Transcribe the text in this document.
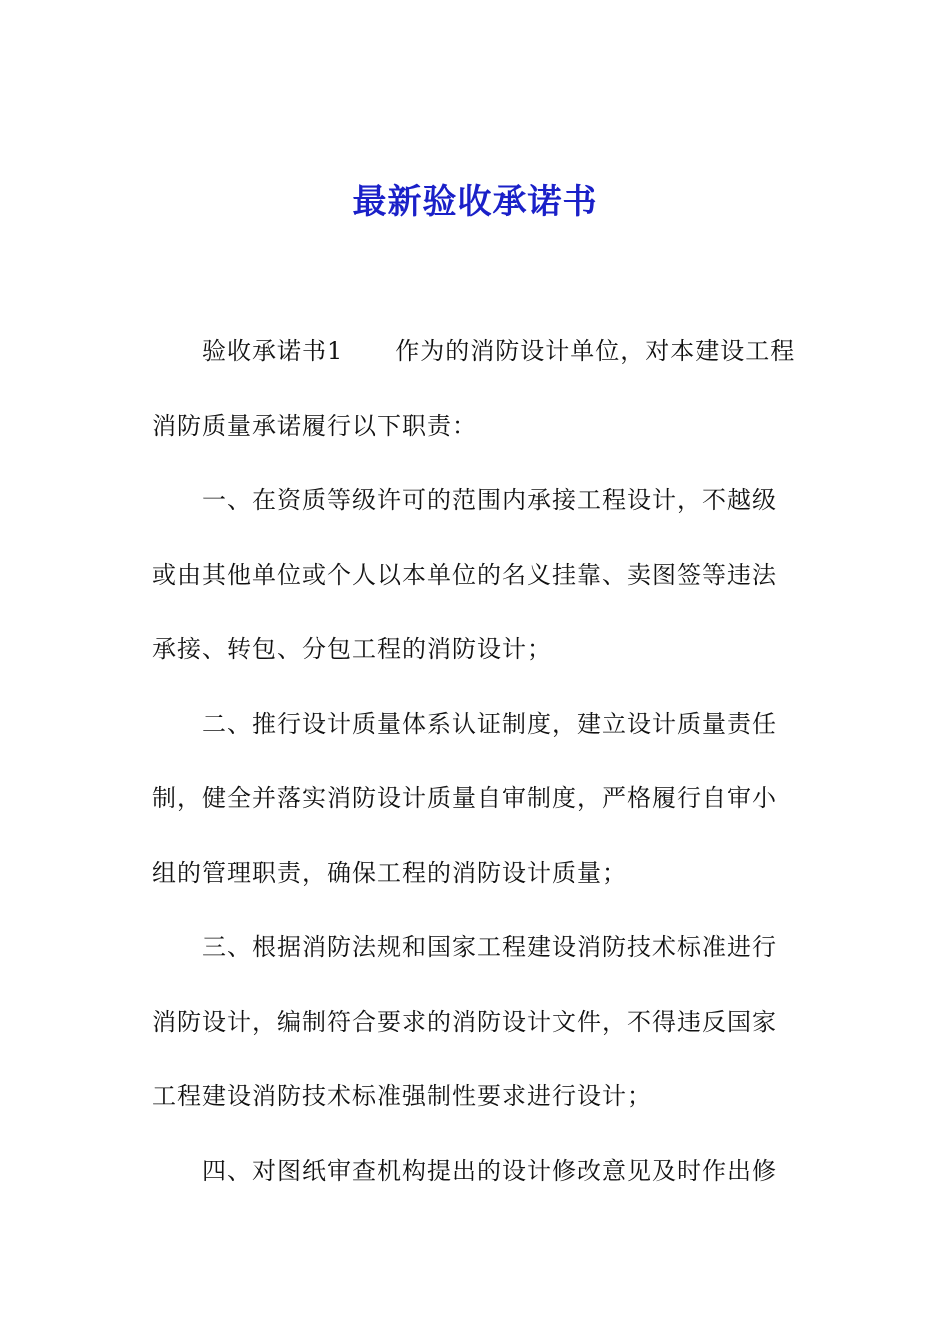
最新验收承诺书
验收承诺书1 作为的消防设计单位，对本建设工程
消防质量承诺履行以下职责：
一、在资质等级许可的范围内承接工程设计，不越级
或由其他单位或个人以本单位的名义挂靠、卖图签等违法
承接、转包、分包工程的消防设计；
二、推行设计质量体系认证制度，建立设计质量责任
制，健全并落实消防设计质量自审制度，严格履行自审小
组的管理职责，确保工程的消防设计质量；
三、根据消防法规和国家工程建设消防技术标准进行
消防设计，编制符合要求的消防设计文件，不得违反国家
工程建设消防技术标准强制性要求进行设计；
四、对图纸审查机构提出的设计修改意见及时作出修
